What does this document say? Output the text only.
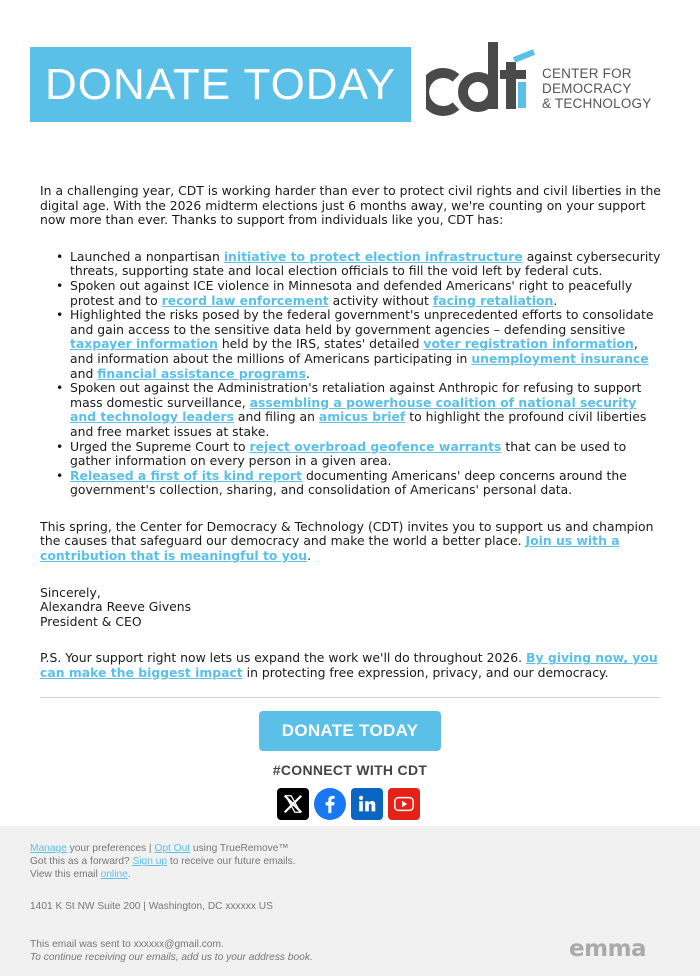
DONATE TODAY	CENTER FOR
DEMOCRACY
& TECHNOLOGY

In a challenging year, CDT is working harder than ever to protect civil rights and civil liberties in the digital age. With the 2026 midterm elections just 6 months away, we're counting on your support now more than ever. Thanks to support from individuals like you, CDT has:

• Launched a nonpartisan initiative to protect election infrastructure against cybersecurity threats, supporting state and local election officials to fill the void left by federal cuts.
• Spoken out against ICE violence in Minnesota and defended Americans' right to peacefully protest and to record law enforcement activity without facing retaliation.
• Highlighted the risks posed by the federal government's unprecedented efforts to consolidate and gain access to the sensitive data held by government agencies – defending sensitive taxpayer information held by the IRS, states' detailed voter registration information, and information about the millions of Americans participating in unemployment insurance and financial assistance programs.
• Spoken out against the Administration's retaliation against Anthropic for refusing to support mass domestic surveillance, assembling a powerhouse coalition of national security and technology leaders and filing an amicus brief to highlight the profound civil liberties and free market issues at stake.
• Urged the Supreme Court to reject overbroad geofence warrants that can be used to gather information on every person in a given area.
• Released a first of its kind report documenting Americans' deep concerns around the government's collection, sharing, and consolidation of Americans' personal data.

This spring, the Center for Democracy & Technology (CDT) invites you to support us and champion the causes that safeguard our democracy and make the world a better place. Join us with a contribution that is meaningful to you.

Sincerely,
Alexandra Reeve Givens
President & CEO

P.S. Your support right now lets us expand the work we'll do throughout 2026. By giving now, you can make the biggest impact in protecting free expression, privacy, and our democracy.

DONATE TODAY
#CONNECT WITH CDT
Manage your preferences | Opt Out using TrueRemove™
Got this as a forward? Sign up to receive our future emails.
View this email online.
1401 K St NW Suite 200 | Washington, DC xxxxxx US
This email was sent to xxxxxx@gmail.com.
To continue receiving our emails, add us to your address book.	emma
